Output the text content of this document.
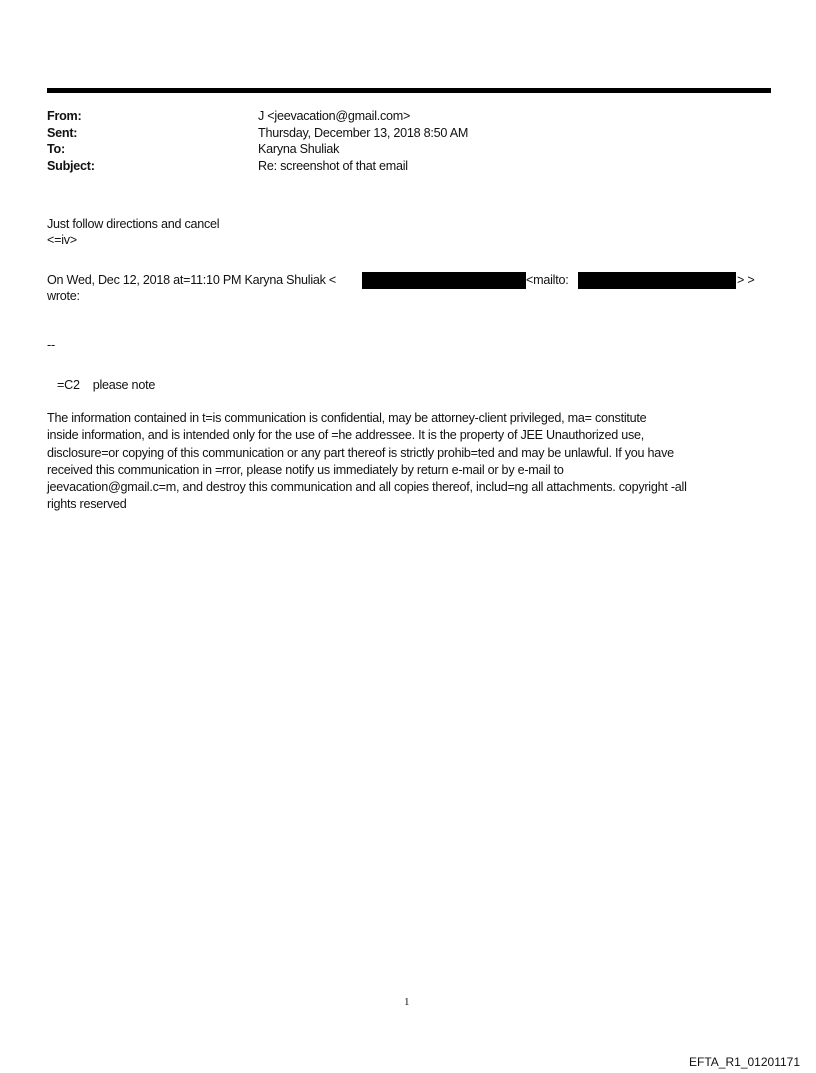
From:	J <jeevacation@gmail.com>
Sent:	Thursday, December 13, 2018 8:50 AM
To:	Karyna Shuliak
Subject:	Re: screenshot of that email
Just follow directions and cancel
<=iv>
On Wed, Dec 12, 2018 at=11:10 PM Karyna Shuliak <	<mailto:	> >
wrote:
--
=C2    please note
The information contained in t=is communication is confidential, may be attorney-client privileged, ma= constitute
inside information, and is intended only for the use of =he addressee. It is the property of JEE Unauthorized use,
disclosure=or copying of this communication or any part thereof is strictly prohib=ted and may be unlawful. If you have
received this communication in =rror, please notify us immediately by return e-mail or by e-mail to
jeevacation@gmail.c=m, and destroy this communication and all copies thereof, includ=ng all attachments. copyright -all
rights reserved
1
EFTA_R1_01201171
